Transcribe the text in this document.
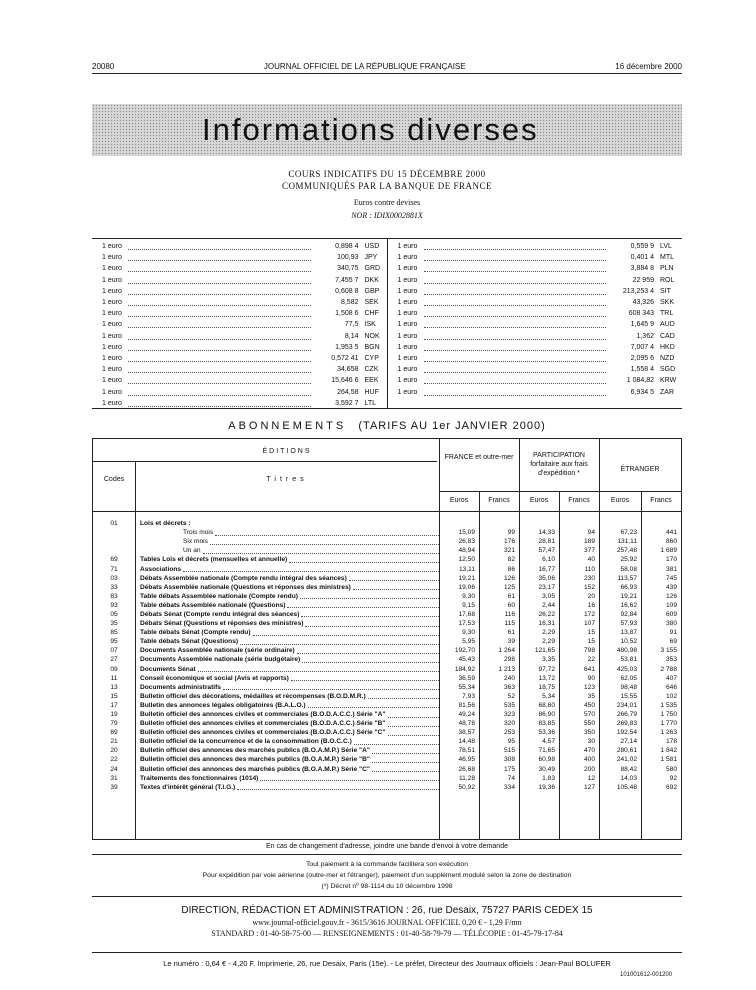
20080	JOURNAL OFFICIEL DE LA RÉPUBLIQUE FRANÇAISE	16 décembre 2000
Informations diverses
COURS INDICATIFS DU 15 DÉCEMBRE 2000
COMMUNIQUÉS PAR LA BANQUE DE FRANCE
Euros contre devises
NOR : IDIX0002881X
1 euro	0,898 4 USD
1 euro	100,93 JPY
1 euro	340,75 GRD
1 euro	7,455 7 DKK
1 euro	0,608 8 GBP
1 euro	8,582 SEK
1 euro	1,508 6 CHF
1 euro	77,5 ISK
1 euro	8,14 NOK
1 euro	1,953 5 BGN
1 euro	0,572 41 CYP
1 euro	34,658 CZK
1 euro	15,646 6 EEK
1 euro	264,58 HUF
1 euro	3,592 7 LTL
1 euro	0,559 9 LVL
1 euro	0,401 4 MTL
1 euro	3,884 8 PLN
1 euro	22 959 ROL
1 euro	213,253 4 SIT
1 euro	43,326 SKK
1 euro	608 343 TRL
1 euro	1,645 9 AUD
1 euro	1,362 CAD
1 euro	7,007 4 HKD
1 euro	2,095 6 NZD
1 euro	1,558 4 SGD
1 euro	1 084,82 KRW
1 euro	6,934 5 ZAR
ABONNEMENTS (TARIFS AU 1er JANVIER 2000)
ÉDITIONS
Codes	Titres
FRANCE et outre-mer	PARTICIPATION forfaitaire aux frais d'expédition *
ÉTRANGER
Euros	Francs	Euros	Francs	Euros	Francs
01	Lois et décrets :
Trois mois	15,09	99	14,33	94	67,23	441
Six mois	26,83	176	28,81	189	131,11	860
Un an	48,94	321	57,47	377	257,48	1 689
69	Tables Lois et décrets (mensuelles et annuelle)	12,50	82	6,10	40	25,92	170
71	Associations	13,11	86	16,77	110	58,08	381
03	Débats Assemblée nationale (Compte rendu intégral des séances)	19,21	126	35,06	230	113,57	745
33	Débats Assemblée nationale (Questions et réponses des ministres)	19,06	125	23,17	152	66,93	439
83	Table débats Assemblée nationale (Compte rendu)	9,30	61	3,05	20	19,21	126
93	Table débats Assemblée nationale (Questions)	9,15	60	2,44	16	16,62	109
05	Débats Sénat (Compte rendu intégral des séances)	17,68	116	26,22	172	92,84	609
35	Débats Sénat (Questions et réponses des ministres)	17,53	115	16,31	107	57,93	380
85	Table débats Sénat (Compte rendu)	9,30	61	2,29	15	13,87	91
95	Table débats Sénat (Questions)	5,95	39	2,29	15	10,52	69
07	Documents Assemblée nationale (série ordinaire)	192,70	1 264	121,65	798	480,98	3 155
27	Documents Assemblée nationale (série budgétaire)	45,43	298	3,35	22	53,81	353
09	Documents Sénat	184,92	1 213	97,72	641	425,03	2 788
11	Conseil économique et social (Avis et rapports)	36,59	240	13,72	90	62,05	407
13	Documents administratifs	55,34	363	18,75	123	98,48	646
15	Bulletin officiel des décorations, médailles et récompenses (B.O.D.M.R.)	7,93	52	5,34	35	15,55	102
17	Bulletin des annonces légales obligatoires (B.A.L.O.)	81,56	535	68,60	450	234,01	1 535
19	Bulletin officiel des annonces civiles et commerciales (B.O.D.A.C.C.) Série "A"	49,24	323	86,90	570	266,79	1 750
79	Bulletin officiel des annonces civiles et commerciales (B.O.D.A.C.C.) Série "B"	48,78	320	83,85	550	269,83	1 770
89	Bulletin officiel des annonces civiles et commerciales (B.O.D.A.C.C.) Série "C"	38,57	253	53,36	350	192,54	1 263
21	Bulletin officiel de la concurrence et de la consommation (B.O.C.C.)	14,48	95	4,57	30	27,14	178
20	Bulletin officiel des annonces des marchés publics (B.O.A.M.P.) Série "A"	78,51	515	71,65	470	280,61	1 842
22	Bulletin officiel des annonces des marchés publics (B.O.A.M.P.) Série "B"	46,95	308	60,98	400	241,02	1 581
24	Bulletin officiel des annonces des marchés publics (B.O.A.M.P.) Série "C"	26,68	175	30,49	200	88,42	580
31	Traitements des fonctionnaires (1014)	11,28	74	1,83	12	14,03	92
39	Textes d'intérêt général (T.I.G.)	50,92	334	19,36	127	105,48	692
En cas de changement d'adresse, joindre une bande d'envoi à votre demande
Tout paiement à la commande facilitera son exécution
Pour expédition par voie aérienne (outre-mer et l'étranger), paiement d'un supplément modulé selon la zone de destination
(*) Décret nº 98-1114 du 10 décembre 1998
DIRECTION, RÉDACTION ET ADMINISTRATION : 26, rue Desaix, 75727 PARIS CEDEX 15
www.journal-officiel.gouv.fr - 3615/3616 JOURNAL OFFICIEL 0,20 € - 1,29 F/mn
STANDARD : 01-40-58-75-00 — RENSEIGNEMENTS : 01-40-58-79-79 — TÉLÉCOPIE : 01-45-79-17-84
Le numéro : 0,64 € - 4,20 F. Imprimerie, 26, rue Desaix, Paris (15e). - Le préfet, Directeur des Journaux officiels : Jean-Paul BOLUFER
101001612-001200
